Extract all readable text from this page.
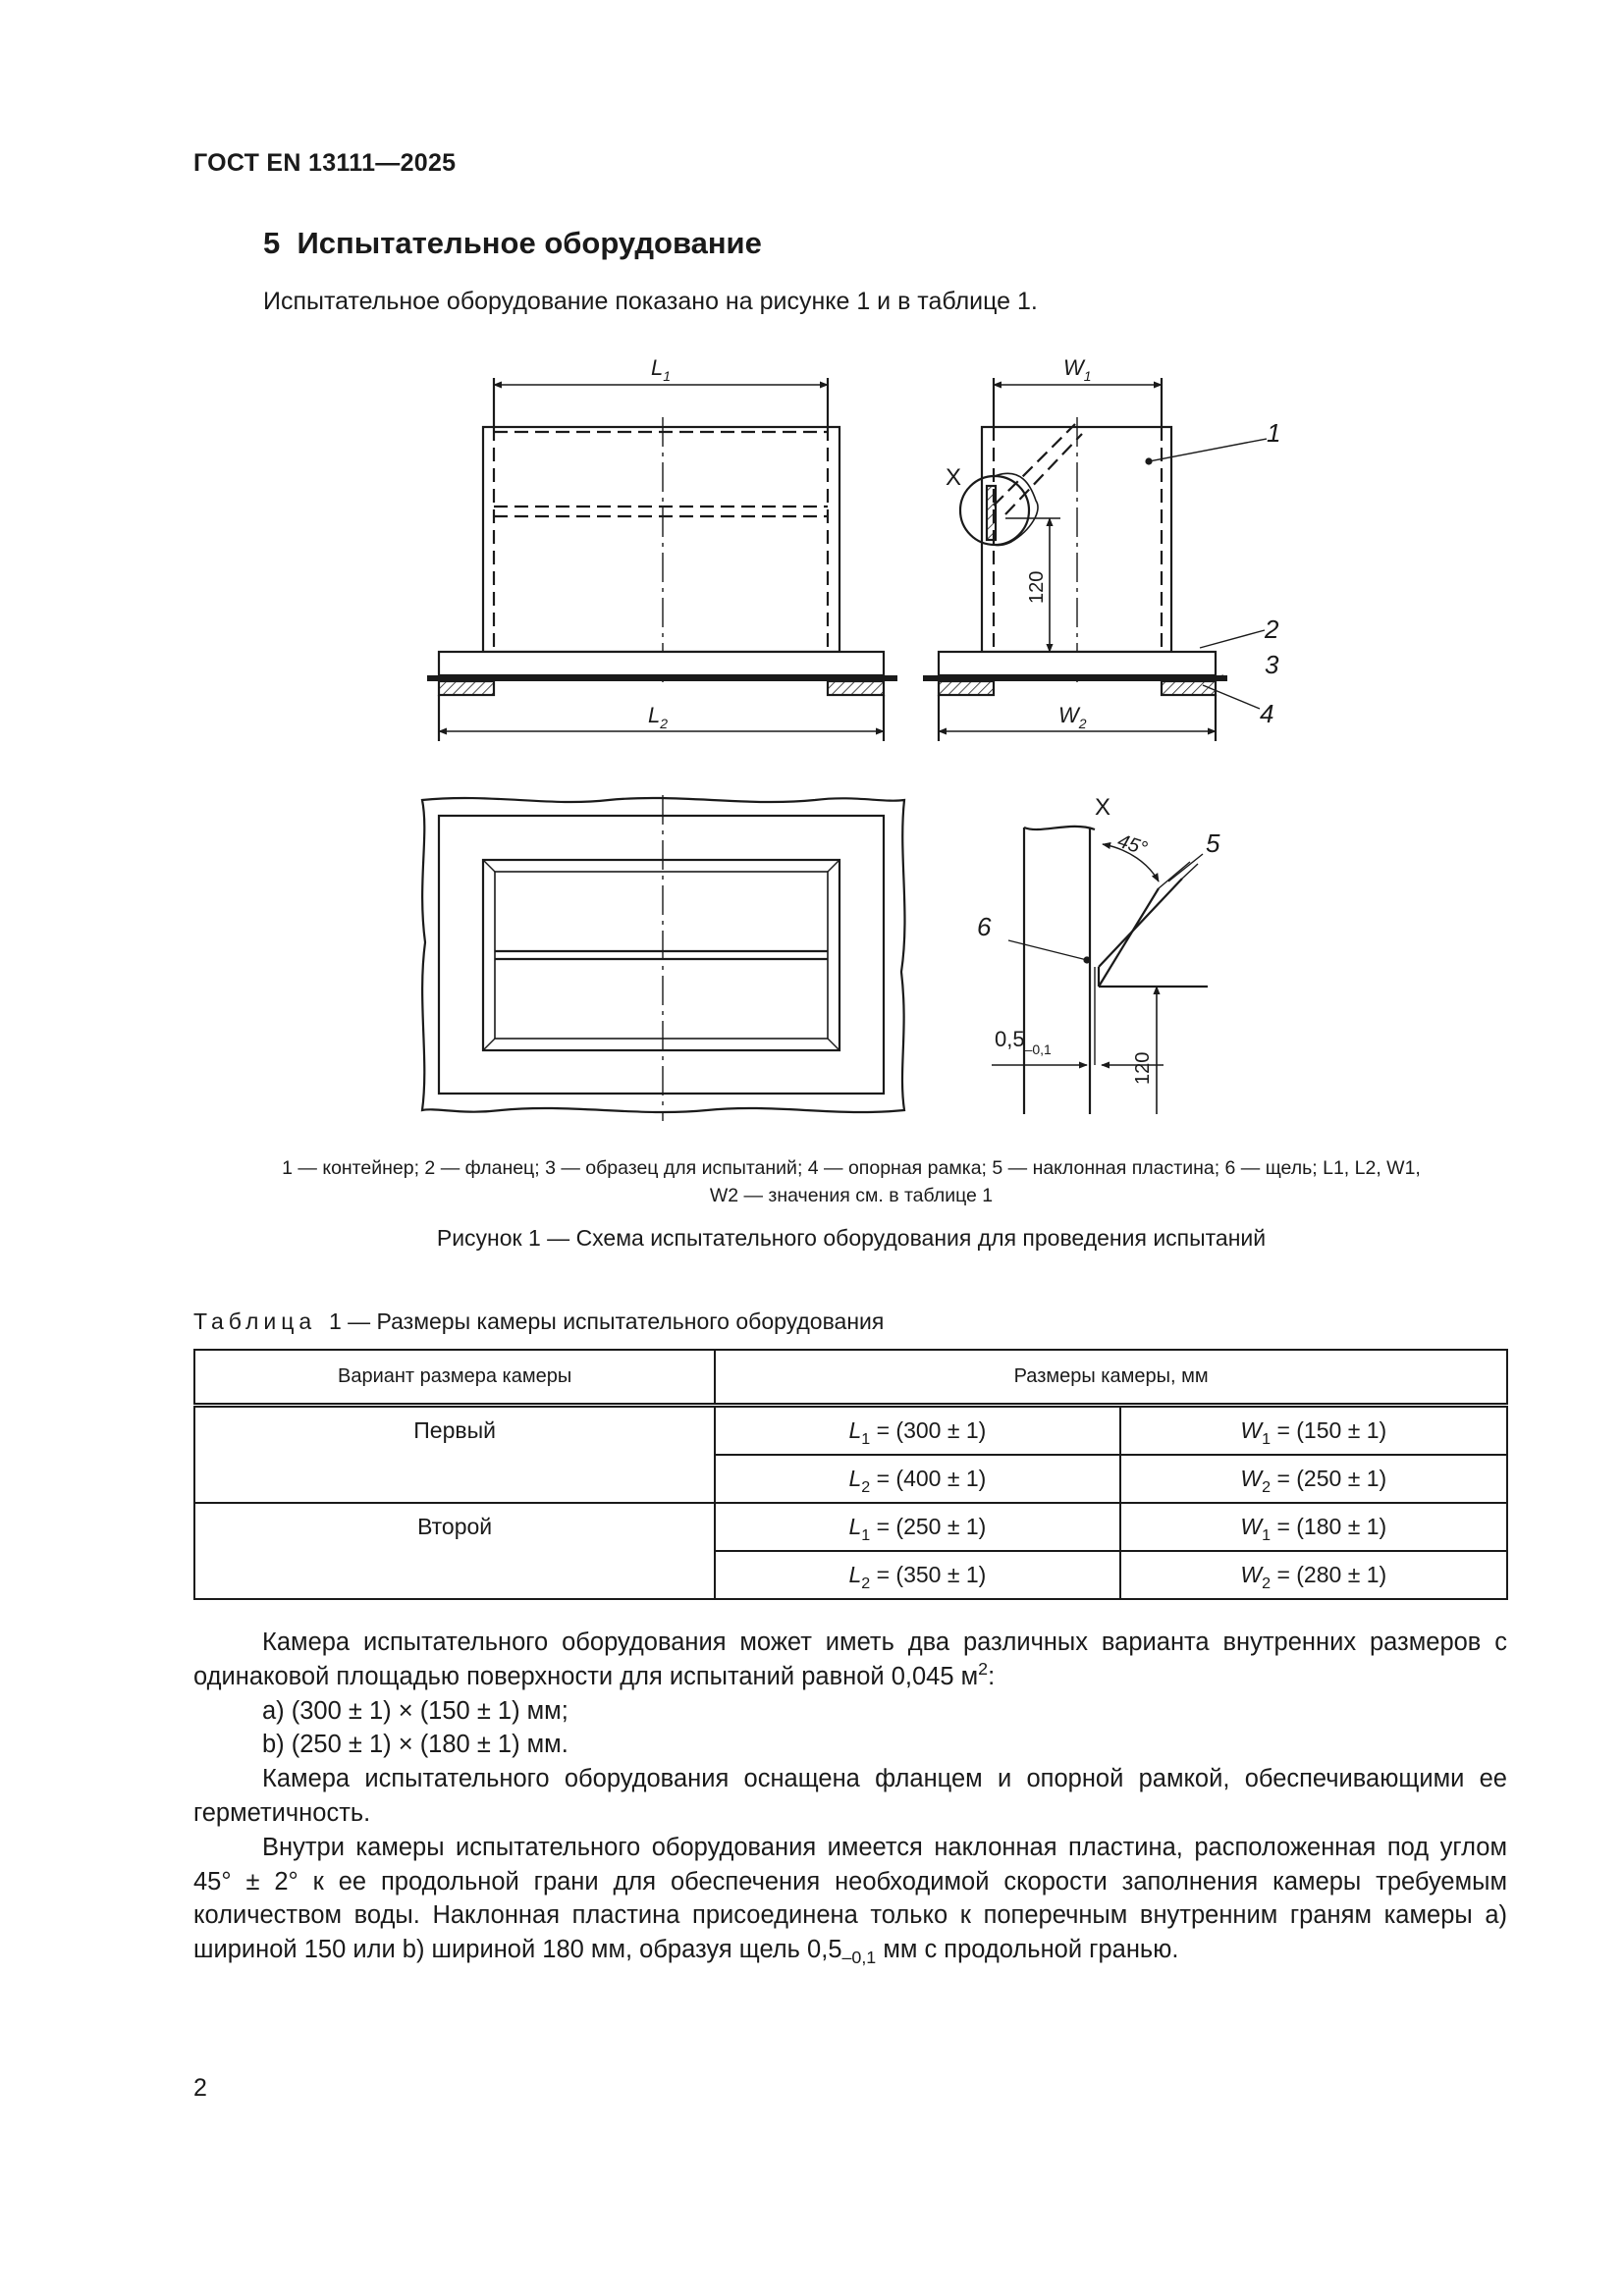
ГОСТ EN 13111—2025
5 Испытательное оборудование
Испытательное оборудование показано на рисунке 1 и в таблице 1.
$L_1$
$L_2$
$W_1$
$W_2$
X
X
120
120
$0,5_{-0,1}$
45°
1
2
3
4
5
6
1 — контейнер; 2 — фланец; 3 — образец для испытаний; 4 — опорная рамка; 5 — наклонная пластина; 6 — щель; L1, L2, W1,
W2 — значения см. в таблице 1
Рисунок 1 — Схема испытательного оборудования для проведения испытаний
Таблица 1 — Размеры камеры испытательного оборудования
Вариант размера камеры	Размеры камеры, мм	
Первый	$L_1 = (300 \pm 1)$	$W_1 = (150 \pm 1)$
	$L_2 = (400 \pm 1)$	$W_2 = (250 \pm 1)$
Второй	$L_1 = (250 \pm 1)$	$W_1 = (180 \pm 1)$
	$L_2 = (350 \pm 1)$	$W_2 = (280 \pm 1)$

Камера испытательного оборудования может иметь два различных варианта внутренних размеров с одинаковой площадью поверхности для испытаний равной 0,045 $м^2$:

a) (300 ± 1) × (150 ± 1) мм;

b) (250 ± 1) × (180 ± 1) мм.

Камера испытательного оборудования оснащена фланцем и опорной рамкой, обеспечивающими ее герметичность.

Внутри камеры испытательного оборудования имеется наклонная пластина, расположенная под углом 45° ± 2° к ее продольной грани для обеспечения необходимой скорости заполнения камеры требуемым количеством воды. Наклонная пластина присоединена только к поперечным внутренним граням камеры a) шириной 150 или b) шириной 180 мм, образуя щель $0,5_{-0,1}$ мм с продольной гранью.

2
